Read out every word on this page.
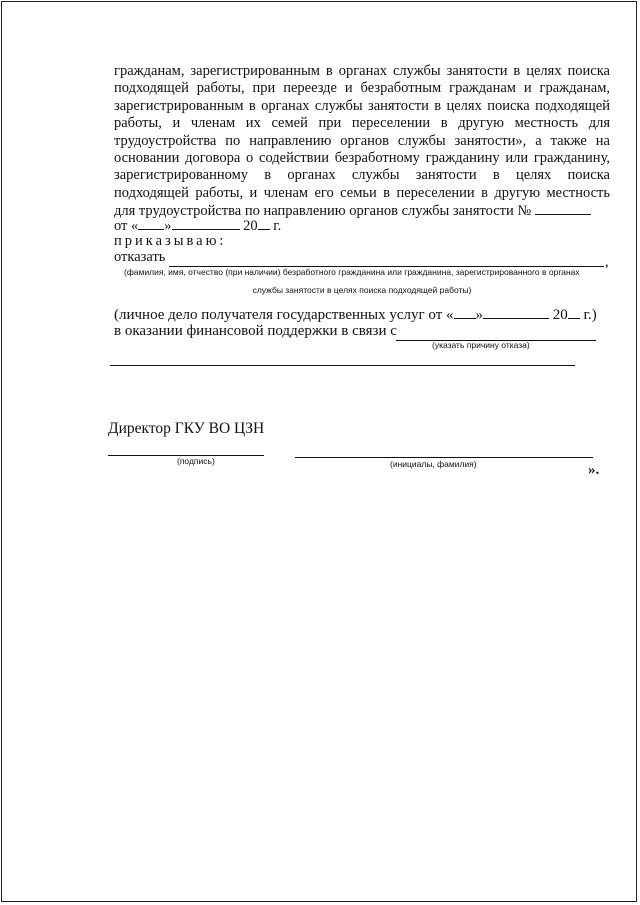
гражданам, зарегистрированным в органах службы занятости в целях поиска
подходящей работы, при переезде и безработным гражданам и гражданам,
зарегистрированным в органах службы занятости в целях поиска подходящей
работы, и членам их семей при переселении в другую местность для
трудоустройства по направлению органов службы занятости», а также на
основании договора о содействии безработному гражданину или гражданину,
зарегистрированному в органах службы занятости в целях поиска
подходящей работы, и членам его семьи в переселении в другую местность
для трудоустройства по направлению органов службы занятости №
от « »	20 г.
приказываю:
отказать	,
(фамилия, имя, отчество (при наличии) безработного гражданина или гражданина, зарегистрированного в органах
службы занятости в целях поиска подходящей работы)
(личное дело получателя государственных услуг от « »	20 г.)
в оказании финансовой поддержки в связи с
(указать причину отказа)
Директор ГКУ ВО ЦЗН
(подпись)	(инициалы, фамилия)	».
